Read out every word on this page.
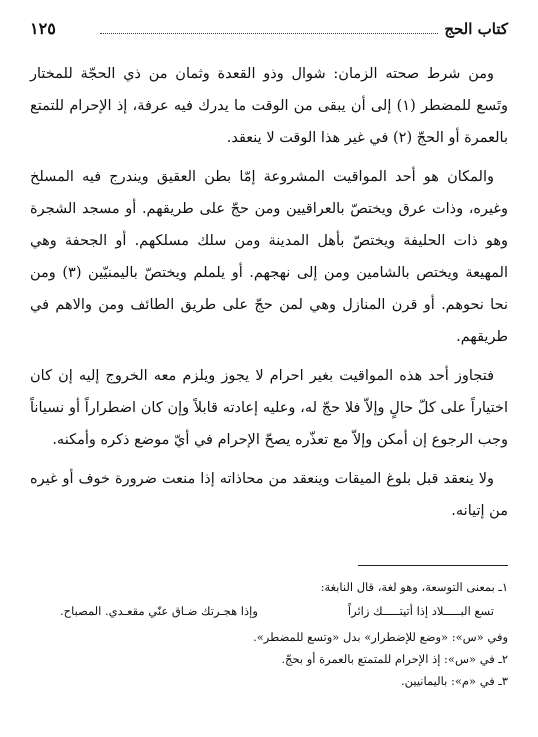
كتاب الحج
١٢٥

ومن شرط صحته الزمان: شوال وذو القعدة وثمان من ذي الحجّة للمختار وتَسع للمضطر (١) إلى أن يبقى من الوقت ما يدرك فيه عرفة، إذ الإحرام للتمتع بالعمرة أو الحجّ (٢) في غير هذا الوقت لا ينعقد.

والمكان هو أحد المواقيت المشروعة إمّا بطن العقيق ويندرج فيه المسلخ وغيره، وذات عرق ويختصّ بالعراقيين ومن حجّ على طريقهم. أو مسجد الشجرة وهو ذات الحليفة ويختصّ بأهل المدينة ومن سلك مسلكهم. أو الجحفة وهي المهيعة ويختص بالشامين ومن إلى نهجهم. أو يلملم ويختصّ باليمنيّين (٣) ومن نحا نحوهم. أو قرن المنازل وهي لمن حجّ على طريق الطائف ومن والاهم في طريقهم.

فتجاوز أحد هذه المواقيت بغير احرام لا يجوز ويلزم معه الخروج إليه إن كان اختياراً على كلّ حالٍ وإلاّ فلا حجّ له، وعليه إعادته قابلاً وإن كان اضطراراً أو نسياناً وجب الرجوع إن أمكن وإلاّ مع تعذّره يصحّ الإحرام في أيّ موضع ذكره وأمكنه.

ولا ينعقد قبل بلوغ الميقات وينعقد من محاذاته إذا منعت ضرورة خوف أو غيره من إتيانه.

١ـ بمعنى التوسعة، وهو لغة، قال النابغة:

تسع البـــــلاد إذا أتيتـــــك زائراً
وإذا هجـرتك ضـاق عنّي مقعـدي. المصباح.

وفي «س»: «وضع للإضطرار» بدل «وتسع للمضطر».

٢ـ في «س»: إذ الإحرام للمتمتع بالعمرة أو بحجّ.

٣ـ في «م»: باليمانيين.
